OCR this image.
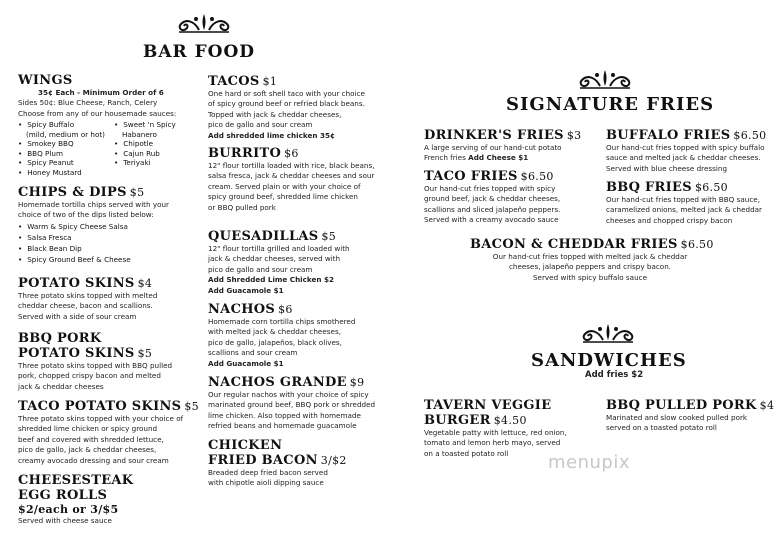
BAR FOOD
WINGS
35¢ Each - Minimum Order of 6
Sides 50¢: Blue Cheese, Ranch, Celery
Choose from any of our housemade sauces:
• Spicy Buffalo
(mild, medium or hot)
• Smokey BBQ
• BBQ Plum
• Spicy Peanut
• Honey Mustard
• Sweet 'n Spicy
Habanero
• Chipotle
• Cajun Rub
• Teriyaki
CHIPS & DIPS $5
Homemade tortilla chips served with your
choice of two of the dips listed below:
• Warm & Spicy Cheese Salsa
• Salsa Fresca
• Black Bean Dip
• Spicy Ground Beef & Cheese
POTATO SKINS $4
Three potato skins topped with melted
cheddar cheese, bacon and scallions.
Served with a side of sour cream
BBQ PORK
POTATO SKINS $5
Three potato skins topped with BBQ pulled
pork, chopped crispy bacon and melted
jack & cheddar cheeses
TACO POTATO SKINS $5
Three potato skins topped with your choice of
shredded lime chicken or spicy ground
beef and covered with shredded lettuce,
pico de gallo, jack & cheddar cheeses,
creamy avocado dressing and sour cream
CHEESESTEAK
EGG ROLLS
$2/each or 3/$5
Served with cheese sauce
TACOS $1
One hard or soft shell taco with your choice
of spicy ground beef or refried black beans.
Topped with jack & cheddar cheeses,
pico de gallo and sour cream
Add shredded lime chicken 35¢
BURRITO $6
12" flour tortilla loaded with rice, black beans,
salsa fresca, jack & cheddar cheeses and sour
cream. Served plain or with your choice of
spicy ground beef, shredded lime chicken
or BBQ pulled pork
QUESADILLAS $5
12" flour tortilla grilled and loaded with
jack & cheddar cheeses, served with
pico de gallo and sour cream
Add Shredded Lime Chicken $2
Add Guacamole $1
NACHOS $6
Homemade corn tortilla chips smothered
with melted jack & cheddar cheeses,
pico de gallo, jalapeños, black olives,
scallions and sour cream
Add Guacamole $1
NACHOS GRANDE $9
Our regular nachos with your choice of spicy
marinated ground beef, BBQ pork or shredded
lime chicken. Also topped with homemade
refried beans and homemade guacamole
CHICKEN
FRIED BACON 3/$2
Breaded deep fried bacon served
with chipotle aioli dipping sauce
SIGNATURE FRIES
DRINKER'S FRIES $3
A large serving of our hand-cut potato
French fries Add Cheese $1
BUFFALO FRIES $6.50
Our hand-cut fries topped with spicy buffalo
sauce and melted jack & cheddar cheeses.
Served with blue cheese dressing
TACO FRIES $6.50
Our hand-cut fries topped with spicy
ground beef, jack & cheddar cheeses,
scallions and sliced jalapeño peppers.
Served with a creamy avocado sauce
BBQ FRIES $6.50
Our hand-cut fries topped with BBQ sauce,
caramelized onions, melted jack & cheddar
cheeses and chopped crispy bacon
BACON & CHEDDAR FRIES $6.50
Our hand-cut fries topped with melted jack & cheddar
cheeses, jalapeño peppers and crispy bacon.
Served with spicy buffalo sauce
SANDWICHES
Add fries $2
TAVERN VEGGIE
BURGER $4.50
Vegetable patty with lettuce, red onion,
tomato and lemon herb mayo, served
on a toasted potato roll
BBQ PULLED PORK $4
Marinated and slow cooked pulled pork
served on a toasted potato roll
menupix
